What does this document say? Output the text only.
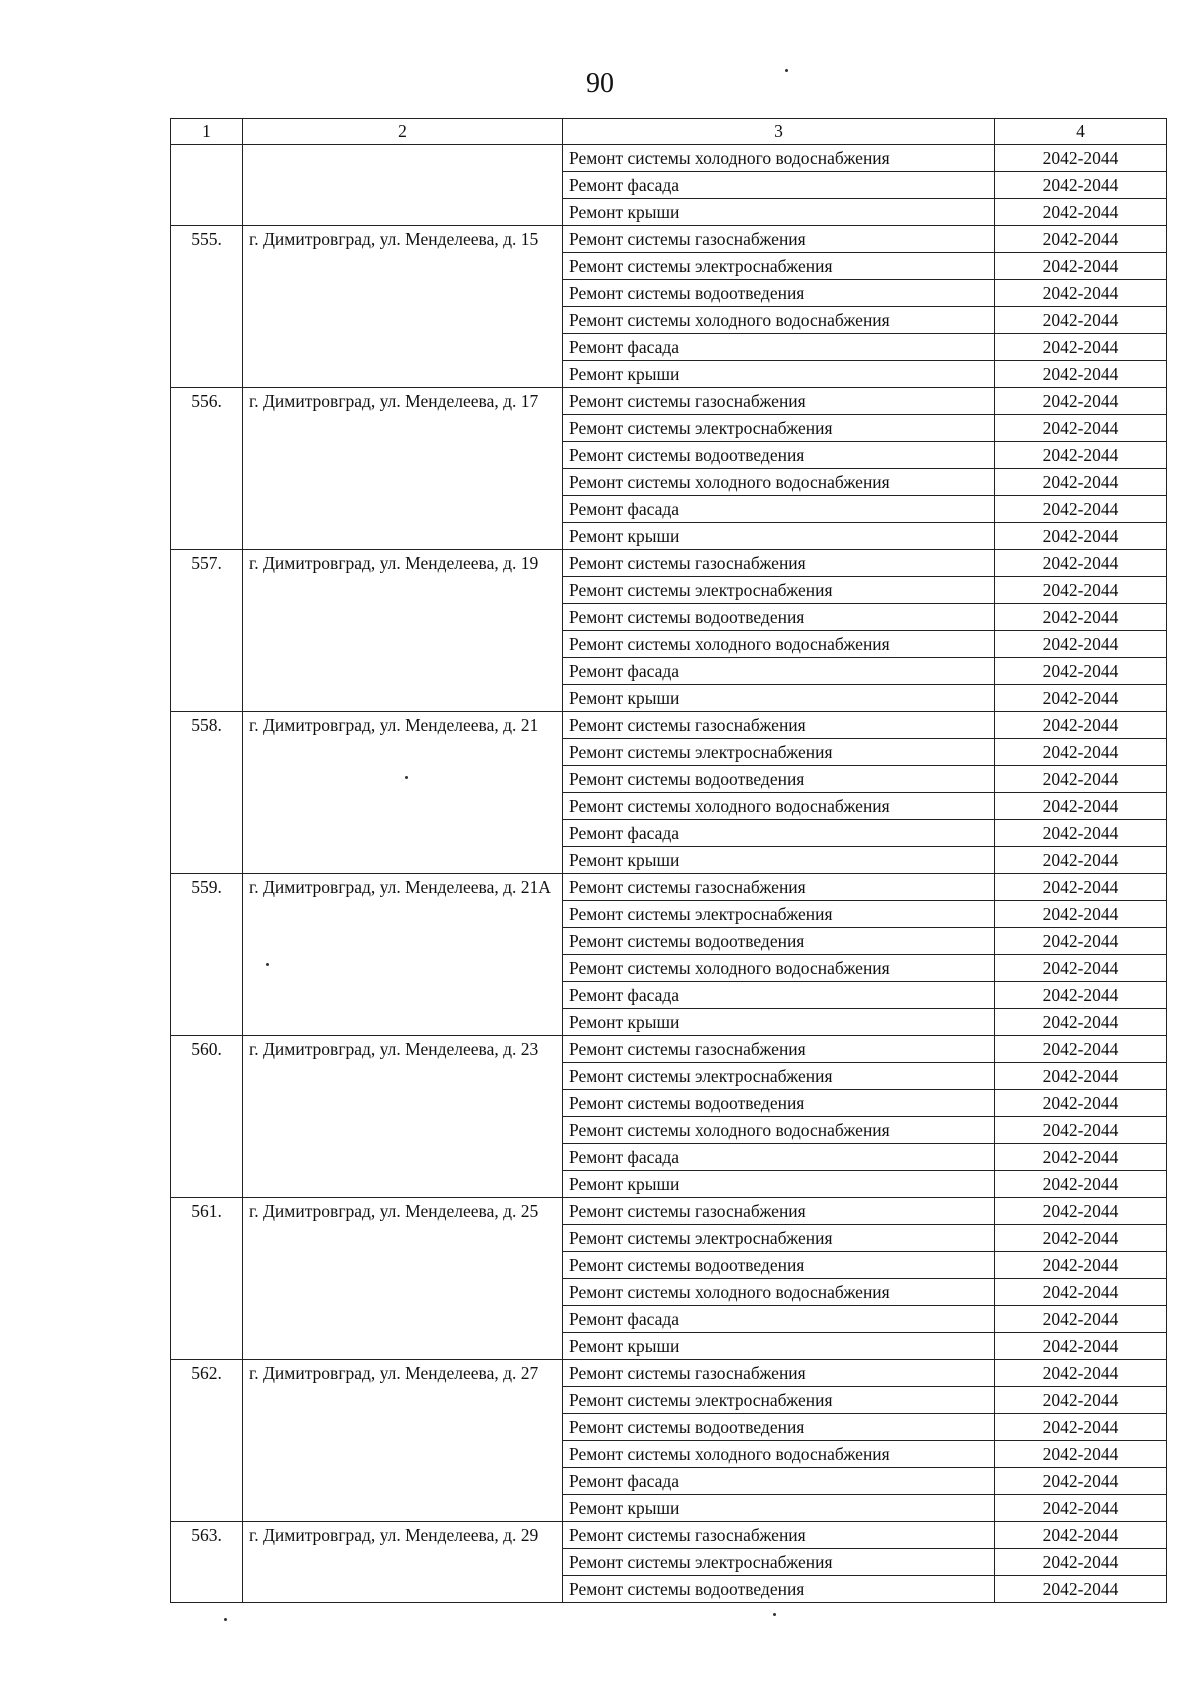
90
1	2	3	4
		Ремонт системы холодного водоснабжения	2042-2044
		Ремонт фасада	2042-2044
		Ремонт крыши	2042-2044
555.	г. Димитровград, ул. Менделеева, д. 15	Ремонт системы газоснабжения	2042-2044
		Ремонт системы электроснабжения	2042-2044
		Ремонт системы водоотведения	2042-2044
		Ремонт системы холодного водоснабжения	2042-2044
		Ремонт фасада	2042-2044
		Ремонт крыши	2042-2044
556.	г. Димитровград, ул. Менделеева, д. 17	Ремонт системы газоснабжения	2042-2044
		Ремонт системы электроснабжения	2042-2044
		Ремонт системы водоотведения	2042-2044
		Ремонт системы холодного водоснабжения	2042-2044
		Ремонт фасада	2042-2044
		Ремонт крыши	2042-2044
557.	г. Димитровград, ул. Менделеева, д. 19	Ремонт системы газоснабжения	2042-2044
		Ремонт системы электроснабжения	2042-2044
		Ремонт системы водоотведения	2042-2044
		Ремонт системы холодного водоснабжения	2042-2044
		Ремонт фасада	2042-2044
		Ремонт крыши	2042-2044
558.	г. Димитровград, ул. Менделеева, д. 21	Ремонт системы газоснабжения	2042-2044
		Ремонт системы электроснабжения	2042-2044
		Ремонт системы водоотведения	2042-2044
		Ремонт системы холодного водоснабжения	2042-2044
		Ремонт фасада	2042-2044
		Ремонт крыши	2042-2044
559.	г. Димитровград, ул. Менделеева, д. 21А	Ремонт системы газоснабжения	2042-2044
		Ремонт системы электроснабжения	2042-2044
		Ремонт системы водоотведения	2042-2044
		Ремонт системы холодного водоснабжения	2042-2044
		Ремонт фасада	2042-2044
		Ремонт крыши	2042-2044
560.	г. Димитровград, ул. Менделеева, д. 23	Ремонт системы газоснабжения	2042-2044
		Ремонт системы электроснабжения	2042-2044
		Ремонт системы водоотведения	2042-2044
		Ремонт системы холодного водоснабжения	2042-2044
		Ремонт фасада	2042-2044
		Ремонт крыши	2042-2044
561.	г. Димитровград, ул. Менделеева, д. 25	Ремонт системы газоснабжения	2042-2044
		Ремонт системы электроснабжения	2042-2044
		Ремонт системы водоотведения	2042-2044
		Ремонт системы холодного водоснабжения	2042-2044
		Ремонт фасада	2042-2044
		Ремонт крыши	2042-2044
562.	г. Димитровград, ул. Менделеева, д. 27	Ремонт системы газоснабжения	2042-2044
		Ремонт системы электроснабжения	2042-2044
		Ремонт системы водоотведения	2042-2044
		Ремонт системы холодного водоснабжения	2042-2044
		Ремонт фасада	2042-2044
		Ремонт крыши	2042-2044
563.	г. Димитровград, ул. Менделеева, д. 29	Ремонт системы газоснабжения	2042-2044
		Ремонт системы электроснабжения	2042-2044
		Ремонт системы водоотведения	2042-2044
